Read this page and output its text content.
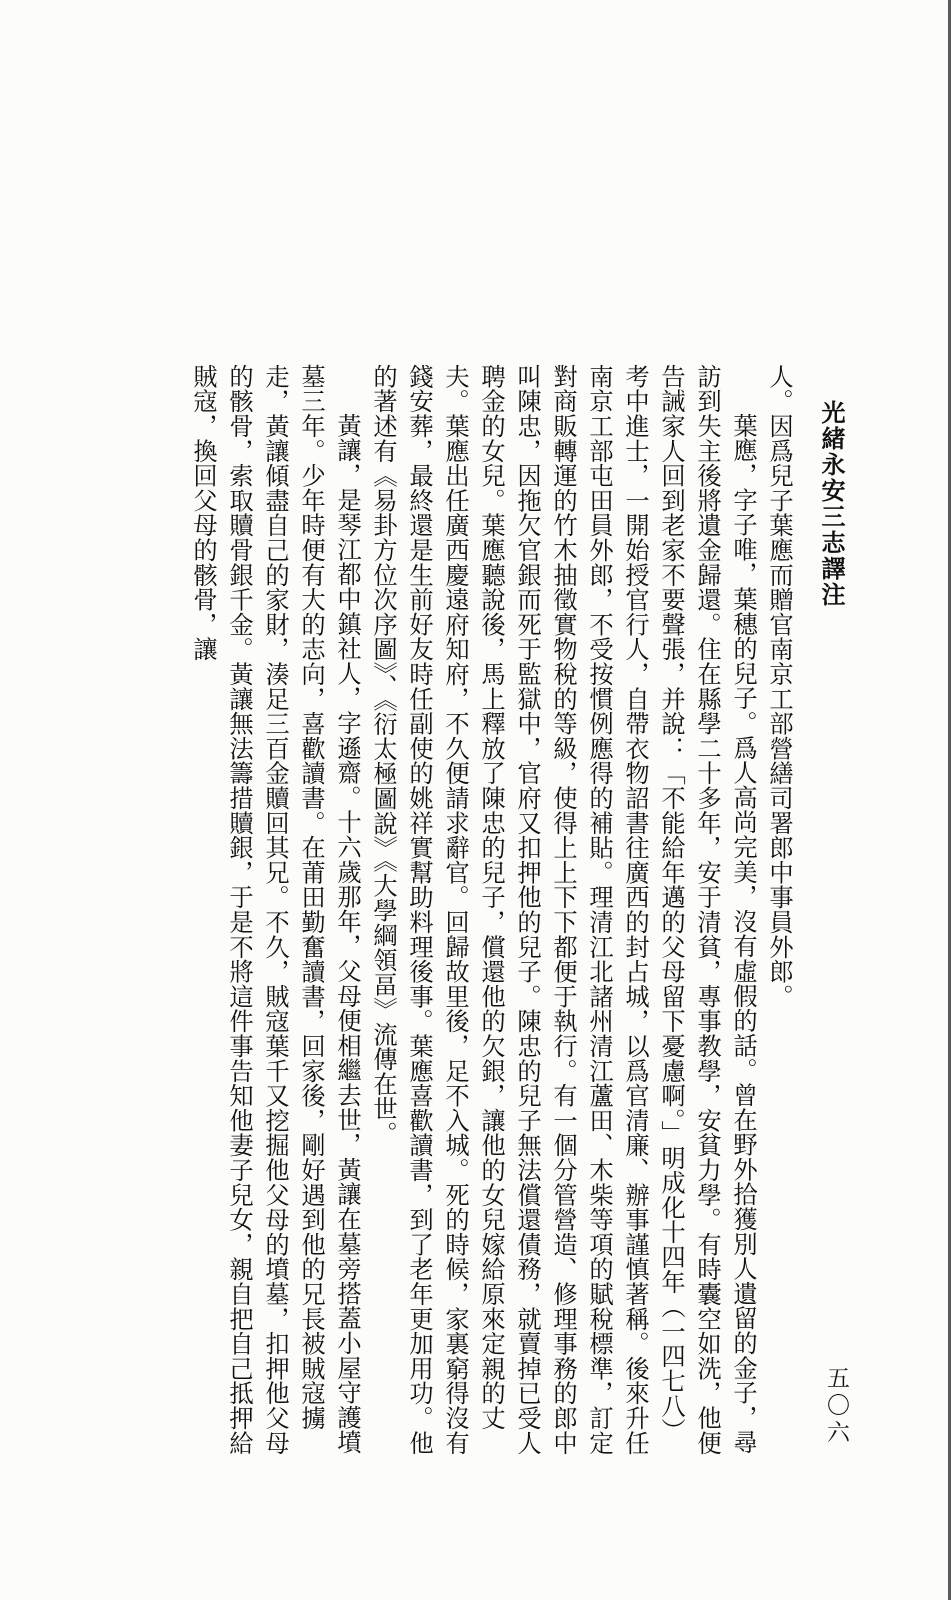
光緒永安三志譯注
五〇六

人。因爲兒子葉應而贈官南京工部營繕司署郎中事員外郎。

葉應，字子唯，葉穗的兒子。爲人高尚完美，沒有虛假的話。曾在野外拾獲別人遺留的金子，尋訪到失主後將遺金歸還。住在縣學二十多年，安于清貧，專事教學，安貧力學。有時囊空如洗，他便告誡家人回到老家不要聲張，并說：「不能給年邁的父母留下憂慮啊。」明成化十四年（一四七八）考中進士，一開始授官行人，自帶衣物詔書往廣西的封占城，以爲官清廉、辦事謹慎著稱。後來升任南京工部屯田員外郎，不受按慣例應得的補貼。理清江北諸州清江蘆田、木柴等項的賦稅標準，訂定對商販轉運的竹木抽徵實物稅的等級，使得上上下下都便于執行。有一個分管營造、修理事務的郎中叫陳忠，因拖欠官銀而死于監獄中，官府又扣押他的兒子。陳忠的兒子無法償還債務，就賣掉已受人聘金的女兒。葉應聽說後，馬上釋放了陳忠的兒子，償還他的欠銀，讓他的女兒嫁給原來定親的丈夫。葉應出任廣西慶遠府知府，不久便請求辭官。回歸故里後，足不入城。死的時候，家裏窮得沒有錢安葬，最終還是生前好友時任副使的姚祥實幫助料理後事。葉應喜歡讀書，到了老年更加用功。他的著述有《易卦方位次序圖》、《衍太極圖說》《大學綱領畐》流傳在世。

黃讓，是琴江都中鎮社人，字遜齋。十六歲那年，父母便相繼去世，黃讓在墓旁搭蓋小屋守護墳墓三年。少年時便有大的志向，喜歡讀書。在莆田勤奮讀書，回家後，剛好遇到他的兄長被賊寇擄走，黃讓傾盡自己的家財，湊足三百金贖回其兄。不久，賊寇葉千又挖掘他父母的墳墓，扣押他父母的骸骨，索取贖骨銀千金。黃讓無法籌措贖銀，于是不將這件事告知他妻子兒女，親自把自己抵押給賊寇，換回父母的骸骨，讓
